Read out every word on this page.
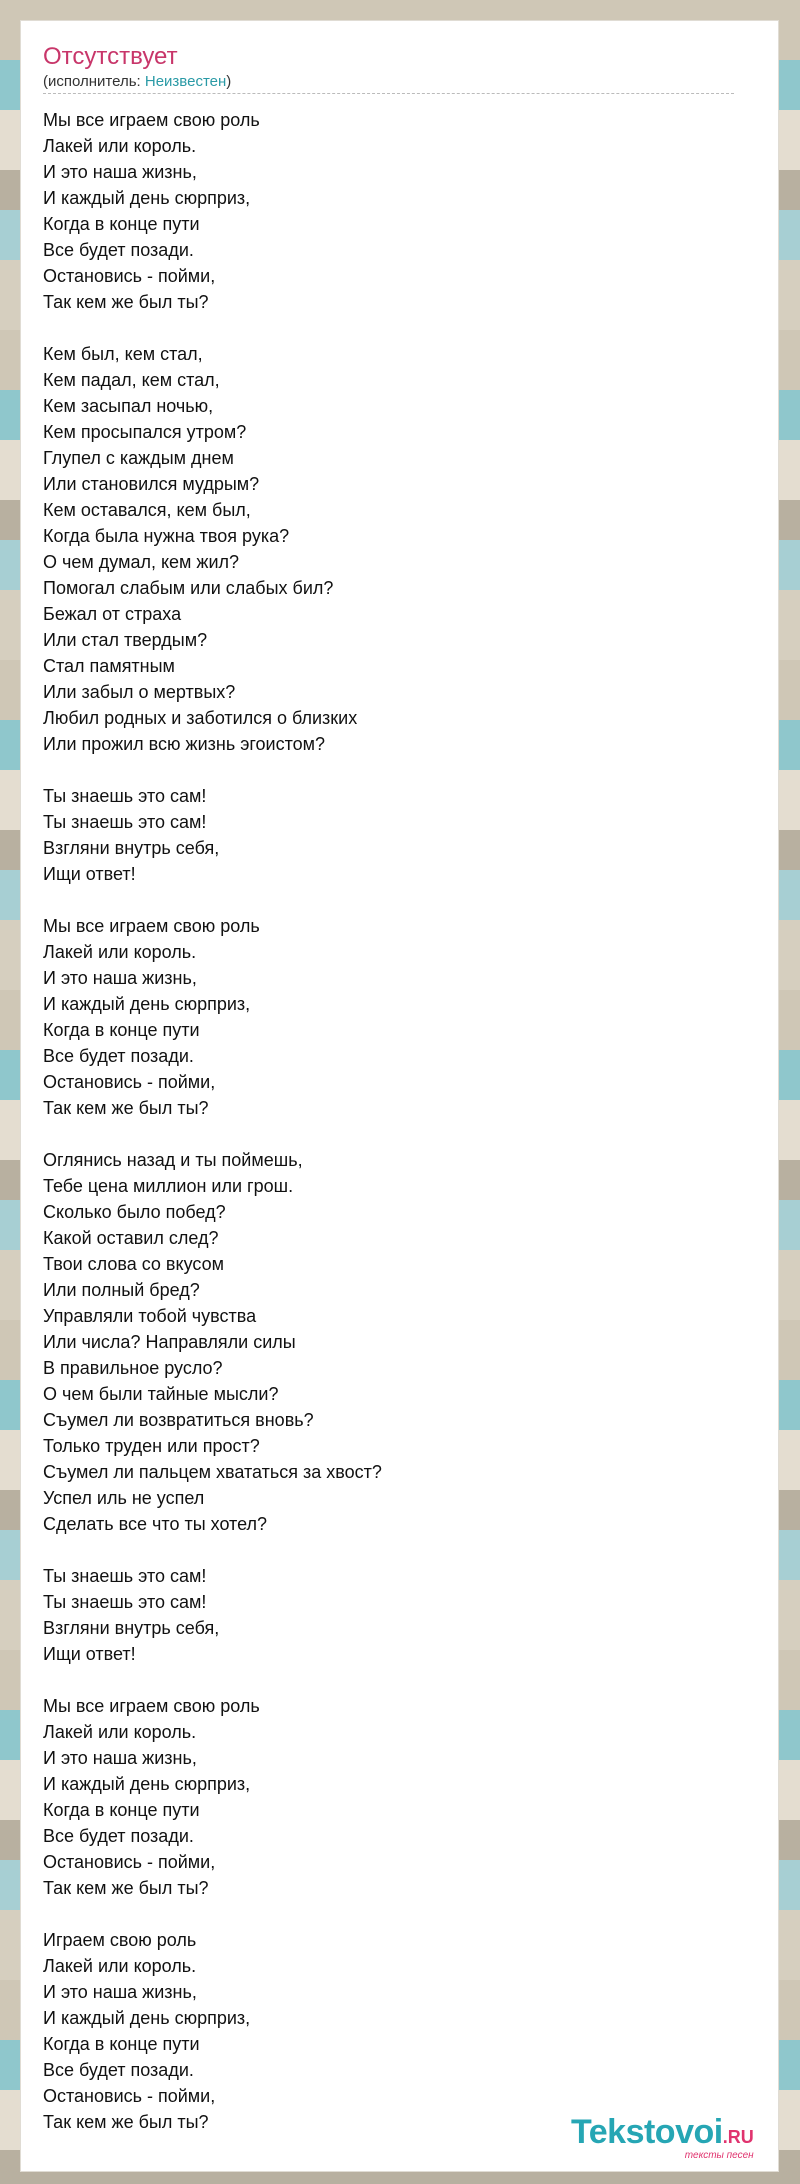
Отсутствует
(исполнитель: Неизвестен)
Мы все играем свою роль
Лакей или король.
И это наша жизнь,
И каждый день сюрприз,
Когда в конце пути
Все будет позади.
Остановись - пойми,
Так кем же был ты?
Кем был, кем стал,
Кем падал, кем стал,
Кем засыпал ночью,
Кем просыпался утром?
Глупел с каждым днем
Или становился мудрым?
Кем оставался, кем был,
Когда была нужна твоя рука?
О чем думал, кем жил?
Помогал слабым или слабых бил?
Бежал от страха
Или стал твердым?
Стал памятным
Или забыл о мертвых?
Любил родных и заботился о близких
Или прожил всю жизнь эгоистом?
Ты знаешь это сам!
Ты знаешь это сам!
Взгляни внутрь себя,
Ищи ответ!
Мы все играем свою роль
Лакей или король.
И это наша жизнь,
И каждый день сюрприз,
Когда в конце пути
Все будет позади.
Остановись - пойми,
Так кем же был ты?
Оглянись назад и ты поймешь,
Тебе цена миллион или грош.
Сколько было побед?
Какой оставил след?
Твои слова со вкусом
Или полный бред?
Управляли тобой чувства
Или числа? Направляли силы
В правильное русло?
О чем были тайные мысли?
Съумел ли возвратиться вновь?
Только труден или прост?
Съумел ли пальцем хвататься за хвост?
Успел иль не успел
Сделать все что ты хотел?
Ты знаешь это сам!
Ты знаешь это сам!
Взгляни внутрь себя,
Ищи ответ!
Мы все играем свою роль
Лакей или король.
И это наша жизнь,
И каждый день сюрприз,
Когда в конце пути
Все будет позади.
Остановись - пойми,
Так кем же был ты?
Играем свою роль
Лакей или король.
И это наша жизнь,
И каждый день сюрприз,
Когда в конце пути
Все будет позади.
Остановись - пойми,
Так кем же был ты?	Tekstovoi.RU
тексты песен
